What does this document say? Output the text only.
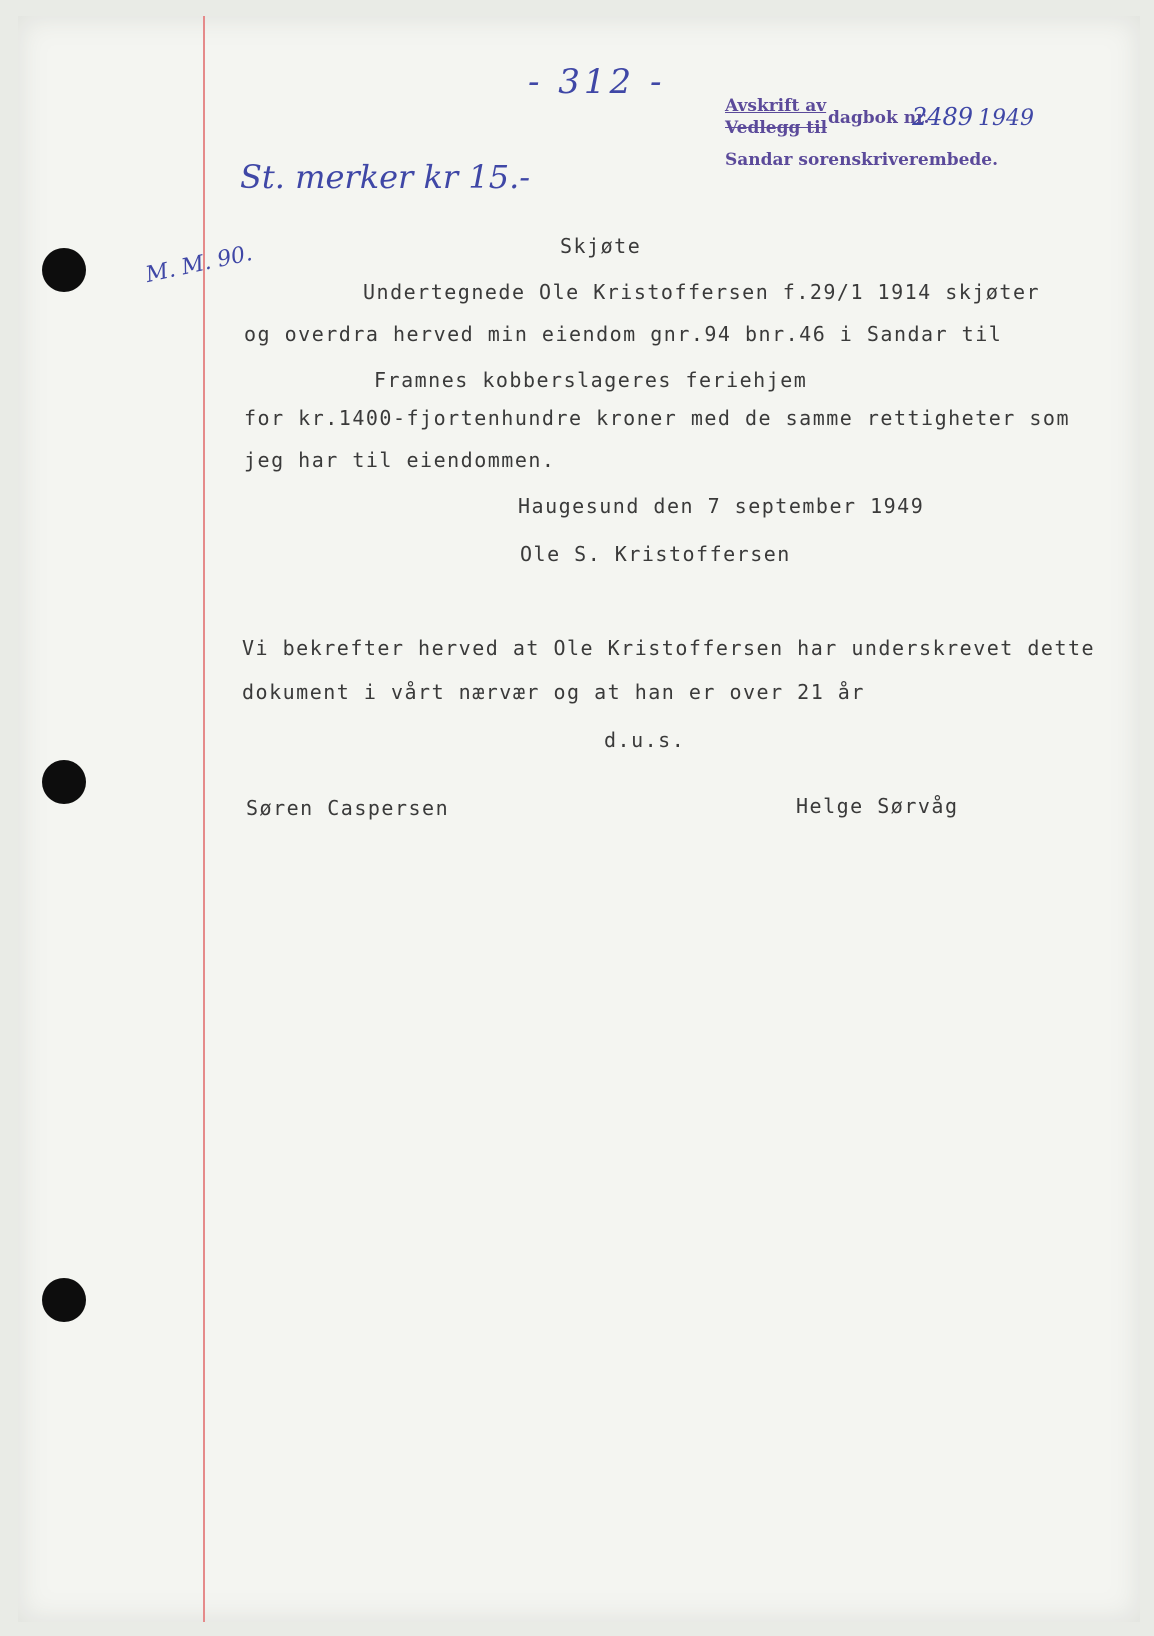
- 312 -
Avskrift av
Vedlegg til dagbok nr.
2489 1949
Sandar sorenskriverembede.
St. merker kr 15.-
M. M. 90.	Skjøte
Undertegnede Ole Kristoffersen f.29/1 1914 skjøter
og overdra herved min eiendom gnr.94 bnr.46 i Sandar til
Framnes kobberslageres feriehjem
for kr.1400-fjortenhundre kroner med de samme rettigheter som
jeg har til eiendommen.
Haugesund den 7 september 1949
Ole S. Kristoffersen
Vi bekrefter herved at Ole Kristoffersen har underskrevet dette
dokument i vårt nærvær og at han er over 21 år
d.u.s.
Søren Caspersen	Helge Sørvåg
